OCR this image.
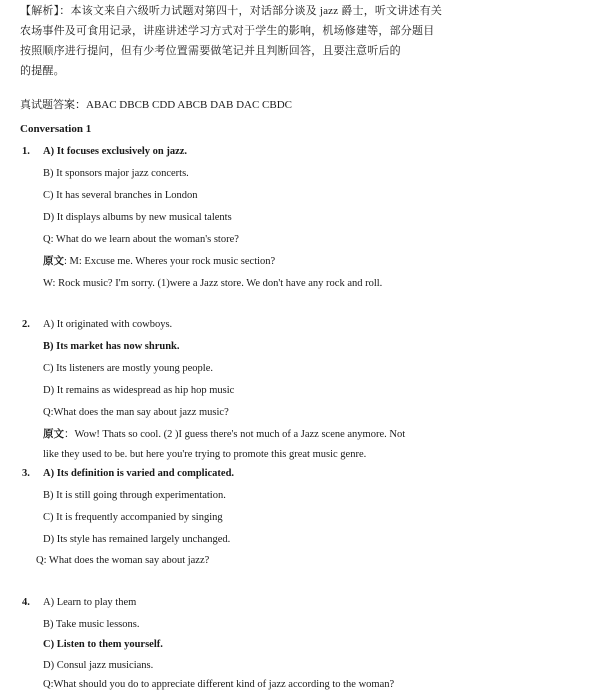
【解析】：本该文来自六级听力试题对第四十，对话部分谈及 jazz 爵士，听文讲述有关
农场事件及可食用记录，讲座讲述学习方式对于学生的影响，机场修建等，部分题目
按照顺序进行提问，但有少考位置需要做笔记并且判断回答，且要注意听后的
的提醒。
真试题答案：ABAC DBCB CDD ABCB DAB DAC CBDC
Conversation 1
1. A) It focuses exclusively on jazz.
B) It sponsors major jazz concerts.
C) It has several branches in London
D) It displays albums by new musical talents
Q: What do we learn about the woman's store?
原文: M: Excuse me. Wheres your rock music section?
W: Rock music? I'm sorry. (1)were a Jazz store. We don't have any rock and roll.
2. A) It originated with cowboys.
B) Its market has now shrunk.
C) Its listeners are mostly young people.
D) It remains as widespread as hip hop music
Q:What does the man say about jazz music?
原文：Wow! Thats so cool. (2 )I guess there's not much of a Jazz scene anymore. Not
like they used to be. but here you're trying to promote this great music genre.
3. A) Its definition is varied and complicated.
B) It is still going through experimentation.
C) It is frequently accompanied by singing
D) Its style has remained largely unchanged.
Q: What does the woman say about jazz?
4. A) Learn to play them
B) Take music lessons.
C) Listen to them yourself.
D) Consul jazz musicians.
Q:What should you do to appreciate different kind of jazz according to the woman?
